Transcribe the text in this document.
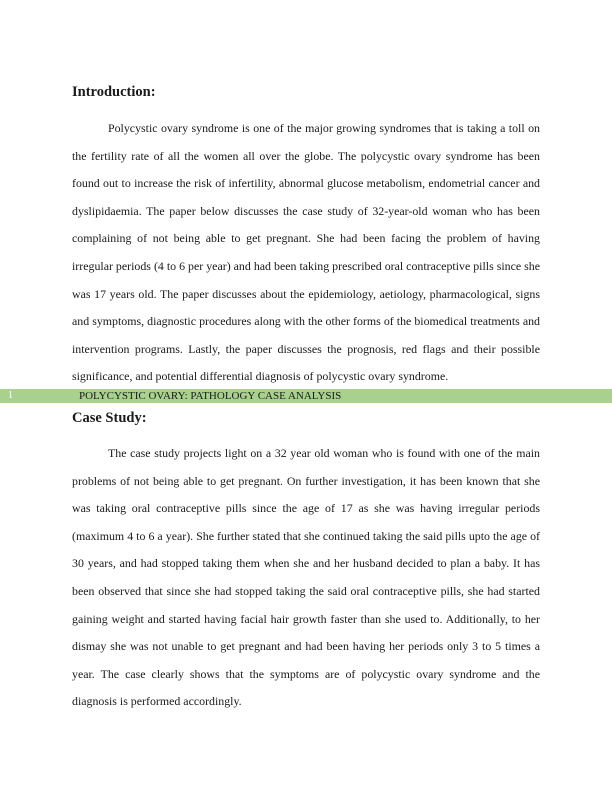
Introduction:

Polycystic ovary syndrome is one of the major growing syndromes that is taking a toll on the fertility rate of all the women all over the globe. The polycystic ovary syndrome has been found out to increase the risk of infertility, abnormal glucose metabolism, endometrial cancer and dyslipidaemia. The paper below discusses the case study of 32-year-old woman who has been complaining of not being able to get pregnant. She had been facing the problem of having irregular periods (4 to 6 per year) and had been taking prescribed oral contraceptive pills since she was 17 years old. The paper discusses about the epidemiology, aetiology, pharmacological, signs and symptoms, diagnostic procedures along with the other forms of the biomedical treatments and intervention programs. Lastly, the paper discusses the prognosis, red flags and their possible significance, and potential differential diagnosis of polycystic ovary syndrome.

1	POLYCYSTIC OVARY: PATHOLOGY CASE ANALYSIS
Case Study:

The case study projects light on a 32 year old woman who is found with one of the main problems of not being able to get pregnant. On further investigation, it has been known that she was taking oral contraceptive pills since the age of 17 as she was having irregular periods (maximum 4 to 6 a year). She further stated that she continued taking the said pills upto the age of 30 years, and had stopped taking them when she and her husband decided to plan a baby. It has been observed that since she had stopped taking the said oral contraceptive pills, she had started gaining weight and started having facial hair growth faster than she used to. Additionally, to her dismay she was not unable to get pregnant and had been having her periods only 3 to 5 times a year. The case clearly shows that the symptoms are of polycystic ovary syndrome and the diagnosis is performed accordingly.
